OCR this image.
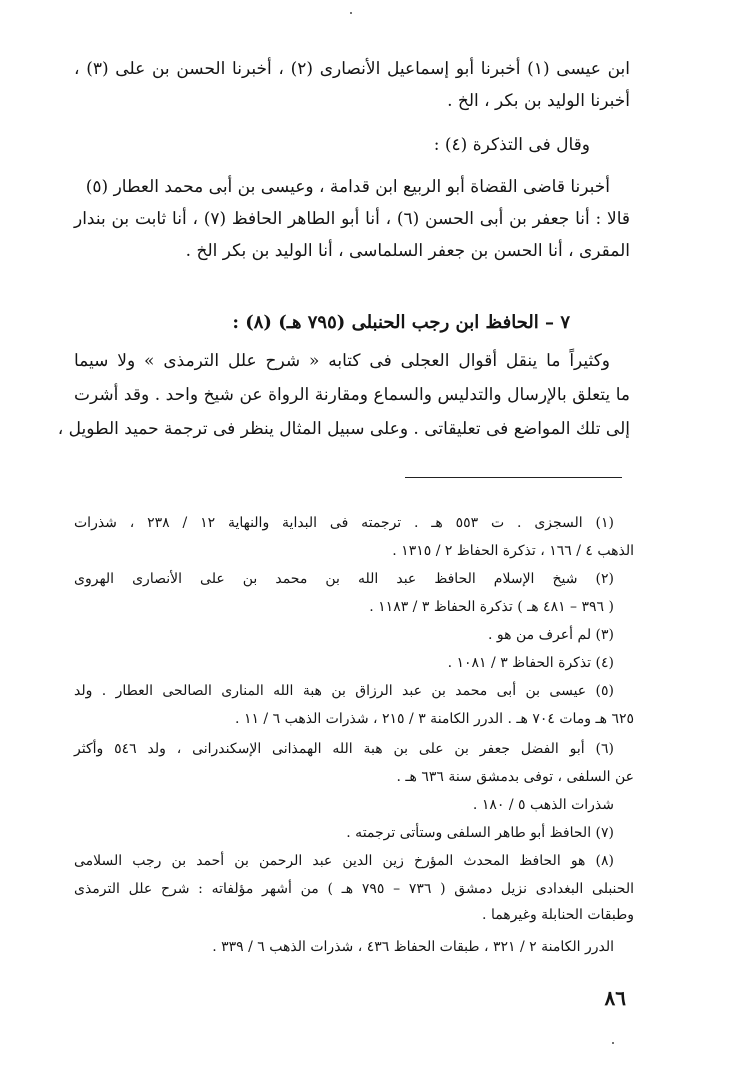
ابن عيسى (١) أخبرنا أبو إسماعيل الأنصارى (٢) ، أخبرنا الحسن بن على (٣) ،
أخبرنا الوليد بن بكر ، الخ .
وقال فى التذكرة (٤) :
أخبرنا قاضى القضاة أبو الربيع ابن قدامة ، وعيسى بن أبى محمد العطار (٥)
قالا : أنا جعفر بن أبى الحسن (٦) ، أنا أبو الطاهر الحافظ (٧) ، أنا ثابت بن بندار
المقرى ، أنا الحسن بن جعفر السلماسى ، أنا الوليد بن بكر الخ .
٧ – الحافظ ابن رجب الحنبلى (٧٩٥ هـ) (٨) :
وكثيراً ما ينقل أقوال العجلى فى كتابه « شرح علل الترمذى » ولا سيما
ما يتعلق بالإرسال والتدليس والسماع ومقارنة الرواة عن شيخ واحد . وقد أشرت
إلى تلك المواضع فى تعليقاتى . وعلى سبيل المثال ينظر فى ترجمة حميد الطويل ،
(١) السجزى . ت ٥٥٣ هـ . ترجمته فى البداية والنهاية ١٢ / ٢٣٨ ، شذرات
الذهب ٤ / ١٦٦ ، تذكرة الحفاظ ٢ / ١٣١٥ .
(٢) شيخ الإسلام الحافظ عبد الله بن محمد بن على الأنصارى الهروى
( ٣٩٦ – ٤٨١ هـ ) تذكرة الحفاظ ٣ / ١١٨٣ .
(٣) لم أعرف من هو .
(٤) تذكرة الحفاظ ٣ / ١٠٨١ .
(٥) عيسى بن أبى محمد بن عبد الرزاق بن هبة الله المنارى الصالحى العطار . ولد
٦٢٥ هـ ومات ٧٠٤ هـ . الدرر الكامنة ٣ / ٢١٥ ، شذرات الذهب ٦ / ١١ .
(٦) أبو الفضل جعفر بن على بن هبة الله الهمذانى الإسكندرانى ، ولد ٥٤٦ وأكثر
عن السلفى ، توفى بدمشق سنة ٦٣٦ هـ .
شذرات الذهب ٥ / ١٨٠ .
(٧) الحافظ أبو طاهر السلفى وستأتى ترجمته .
(٨) هو الحافظ المحدث المؤرخ زين الدين عبد الرحمن بن أحمد بن رجب السلامى
الحنبلى البغدادى نزيل دمشق ( ٧٣٦ – ٧٩٥ هـ ) من أشهر مؤلفاته : شرح علل الترمذى
وطبقات الحنابلة وغيرهما .
الدرر الكامنة ٢ / ٣٢١ ، طبقات الحفاظ ٤٣٦ ، شذرات الذهب ٦ / ٣٣٩ .
٨٦
